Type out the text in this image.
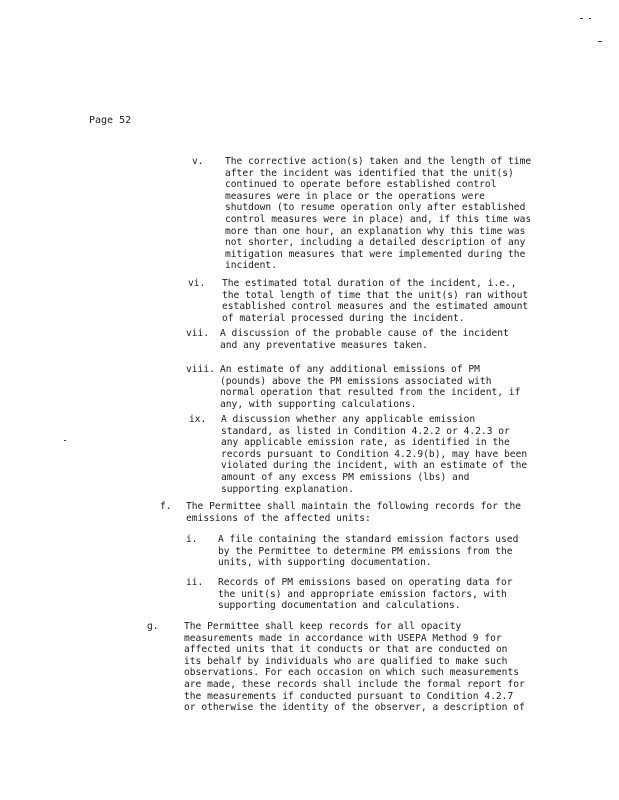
Page 52
v. The corrective action(s) taken and the length of time
after the incident was identified that the unit(s)
continued to operate before established control
measures were in place or the operations were
shutdown (to resume operation only after established
control measures were in place) and, if this time was
more than one hour, an explanation why this time was
not shorter, including a detailed description of any
mitigation measures that were implemented during the
incident.
vi. The estimated total duration of the incident, i.e.,
the total length of time that the unit(s) ran without
established control measures and the estimated amount
of material processed during the incident.
vii. A discussion of the probable cause of the incident
and any preventative measures taken.
viii. An estimate of any additional emissions of PM
(pounds) above the PM emissions associated with
normal operation that resulted from the incident, if
any, with supporting calculations.
ix. A discussion whether any applicable emission
standard, as listed in Condition 4.2.2 or 4.2.3 or
any applicable emission rate, as identified in the
records pursuant to Condition 4.2.9(b), may have been
violated during the incident, with an estimate of the
amount of any excess PM emissions (lbs) and
supporting explanation.
f. The Permittee shall maintain the following records for the
emissions of the affected units:
i. A file containing the standard emission factors used
by the Permittee to determine PM emissions from the
units, with supporting documentation.
ii. Records of PM emissions based on operating data for
the unit(s) and appropriate emission factors, with
supporting documentation and calculations.
g.	The Permittee shall keep records for all opacity
measurements made in accordance with USEPA Method 9 for
affected units that it conducts or that are conducted on
its behalf by individuals who are qualified to make such
observations. For each occasion on which such measurements
are made, these records shall include the formal report for
the measurements if conducted pursuant to Condition 4.2.7
or otherwise the identity of the observer, a description of
